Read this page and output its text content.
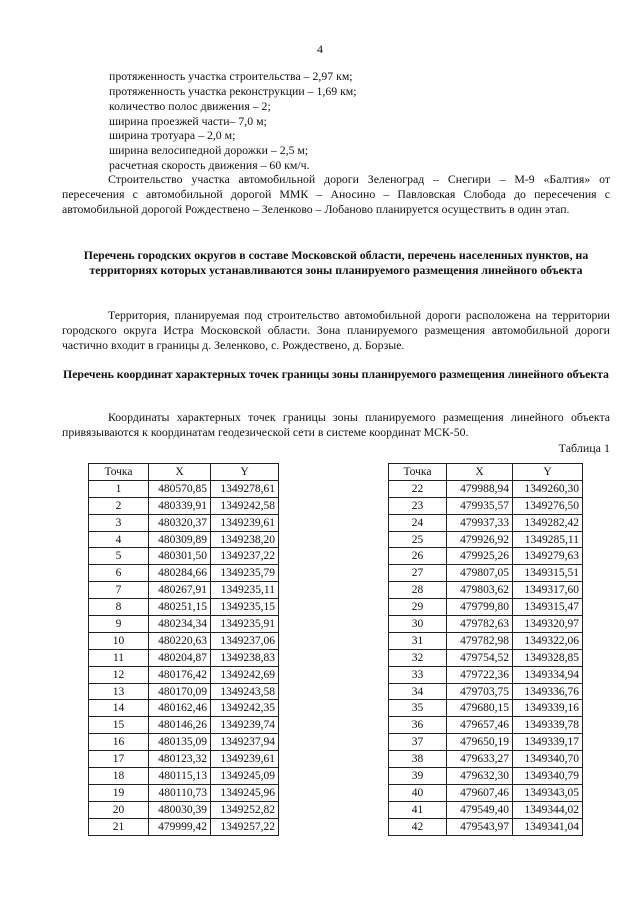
4
протяженность участка строительства – 2,97 км;
протяженность участка реконструкции – 1,69 км;
количество полос движения – 2;
ширина проезжей части– 7,0 м;
ширина тротуара – 2,0 м;
ширина велосипедной дорожки – 2,5 м;
расчетная скорость движения – 60 км/ч.
Строительство участка автомобильной дороги Зеленоград – Снегири – М-9 «Балтия» от пересечения с автомобильной дорогой ММК – Аносино – Павловская Слобода до пересечения с автомобильной дорогой Рождествено – Зеленково – Лобаново планируется осуществить в один этап.
Перечень городских округов в составе Московской области, перечень населенных пунктов, на территориях которых устанавливаются зоны планируемого размещения линейного объекта
Территория, планируемая под строительство автомобильной дороги расположена на территории городского округа Истра Московской области. Зона планируемого размещения автомобильной дороги частично входит в границы д. Зеленково, с. Рождествено, д. Борзые.
Перечень координат характерных точек границы зоны планируемого размещения линейного объекта
Координаты характерных точек границы зоны планируемого размещения линейного объекта привязываются к координатам геодезической сети в системе координат МСК-50.
Таблица 1
Точка	X	Y
1	480570,85	1349278,61
2	480339,91	1349242,58
3	480320,37	1349239,61
4	480309,89	1349238,20
5	480301,50	1349237,22
6	480284,66	1349235,79
7	480267,91	1349235,11
8	480251,15	1349235,15
9	480234,34	1349235,91
10	480220,63	1349237,06
11	480204,87	1349238,83
12	480176,42	1349242,69
13	480170,09	1349243,58
14	480162,46	1349242,35
15	480146,26	1349239,74
16	480135,09	1349237,94
17	480123,32	1349239,61
18	480115,13	1349245,09
19	480110,73	1349245,96
20	480030,39	1349252,82
21	479999,42	1349257,22
Точка	X	Y
22	479988,94	1349260,30
23	479935,57	1349276,50
24	479937,33	1349282,42
25	479926,92	1349285,11
26	479925,26	1349279,63
27	479807,05	1349315,51
28	479803,62	1349317,60
29	479799,80	1349315,47
30	479782,63	1349320,97
31	479782,98	1349322,06
32	479754,52	1349328,85
33	479722,36	1349334,94
34	479703,75	1349336,76
35	479680,15	1349339,16
36	479657,46	1349339,78
37	479650,19	1349339,17
38	479633,27	1349340,70
39	479632,30	1349340,79
40	479607,46	1349343,05
41	479549,40	1349344,02
42	479543,97	1349341,04
